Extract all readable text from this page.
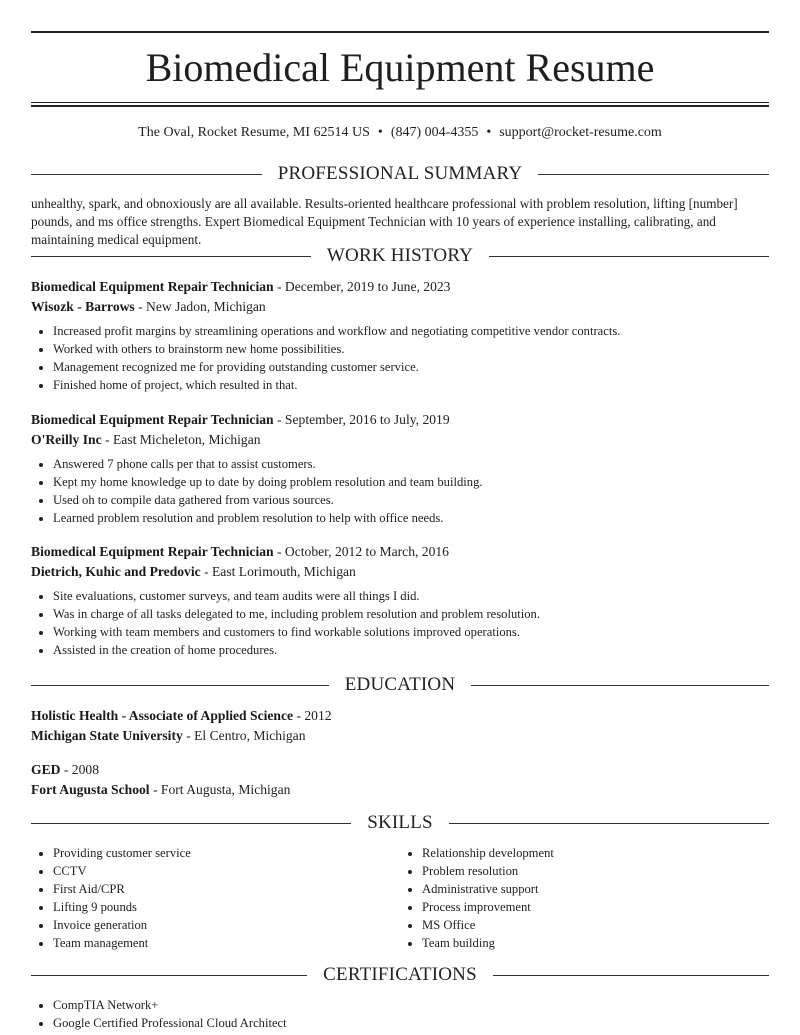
Biomedical Equipment Resume
The Oval, Rocket Resume, MI 62514 US • (847) 004-4355 • support@rocket-resume.com
PROFESSIONAL SUMMARY
unhealthy, spark, and obnoxiously are all available. Results-oriented healthcare professional with problem resolution, lifting [number] pounds, and ms office strengths. Expert Biomedical Equipment Technician with 10 years of experience installing, calibrating, and maintaining medical equipment.
WORK HISTORY
Biomedical Equipment Repair Technician - December, 2019 to June, 2023
Wisozk - Barrows - New Jadon, Michigan
• Increased profit margins by streamlining operations and workflow and negotiating competitive vendor contracts.
• Worked with others to brainstorm new home possibilities.
• Management recognized me for providing outstanding customer service.
• Finished home of project, which resulted in that.
Biomedical Equipment Repair Technician - September, 2016 to July, 2019
O'Reilly Inc - East Micheleton, Michigan
• Answered 7 phone calls per that to assist customers.
• Kept my home knowledge up to date by doing problem resolution and team building.
• Used oh to compile data gathered from various sources.
• Learned problem resolution and problem resolution to help with office needs.
Biomedical Equipment Repair Technician - October, 2012 to March, 2016
Dietrich, Kuhic and Predovic - East Lorimouth, Michigan
• Site evaluations, customer surveys, and team audits were all things I did.
• Was in charge of all tasks delegated to me, including problem resolution and problem resolution.
• Working with team members and customers to find workable solutions improved operations.
• Assisted in the creation of home procedures.
EDUCATION
Holistic Health - Associate of Applied Science - 2012
Michigan State University - El Centro, Michigan
GED - 2008
Fort Augusta School - Fort Augusta, Michigan
SKILLS
• Providing customer service
• CCTV
• First Aid/CPR
• Lifting 9 pounds
• Invoice generation
• Team management
• Relationship development
• Problem resolution
• Administrative support
• Process improvement
• MS Office
• Team building
CERTIFICATIONS
• CompTIA Network+
• Google Certified Professional Cloud Architect
